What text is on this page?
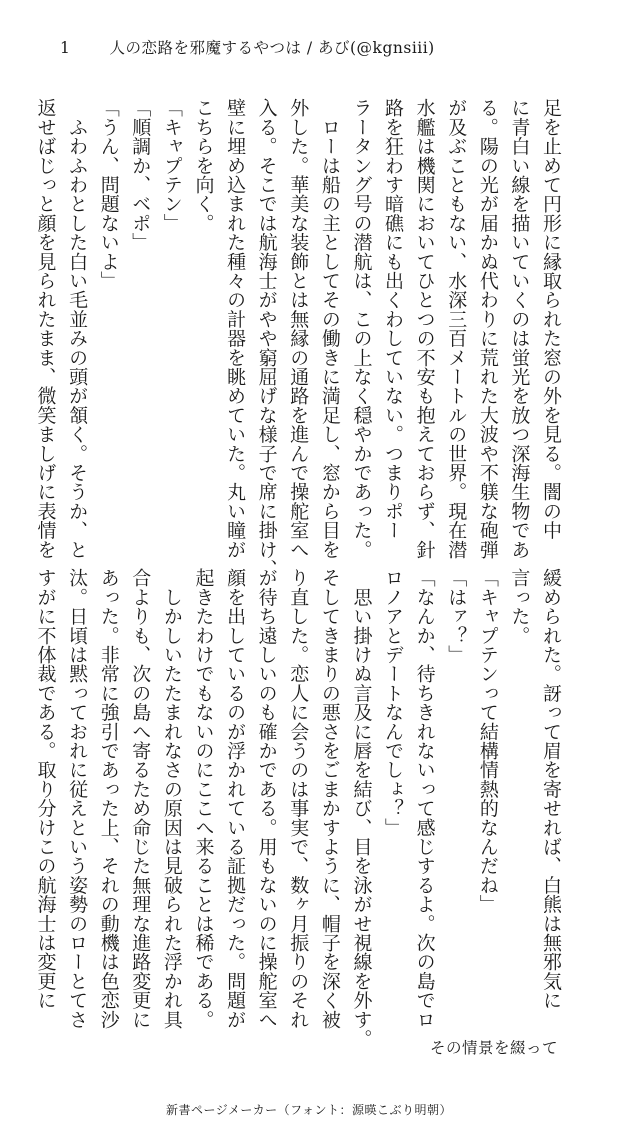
1	人の恋路を邪魔するやつは / あび(@kgnsiii)

足を止めて円形に縁取られた窓の外を見る。闇の中

に青白い線を描いていくのは蛍光を放つ深海生物であ

る。陽の光が届かぬ代わりに荒れた大波や不躾な砲弾

が及ぶこともない、水深三百メートルの世界。現在潜

水艦は機関においてひとつの不安も抱えておらず、針

路を狂わす暗礁にも出くわしていない。つまりポー

ラータング号の潜航は、この上なく穏やかであった。

　ローは船の主としてその働きに満足し、窓から目を

外した。華美な装飾とは無縁の通路を進んで操舵室へ

入る。そこでは航海士がやや窮屈げな様子で席に掛け、

壁に埋め込まれた種々の計器を眺めていた。丸い瞳が

こちらを向く。

「キャプテン」

「順調か、ベポ」

「うん、問題ないよ」

　ふわふわとした白い毛並みの頭が頷く。そうか、と

返せばじっと顔を見られたまま、微笑ましげに表情を

緩められた。訝って眉を寄せれば、白熊は無邪気に

言った。

「キャプテンって結構情熱的なんだね」

「はァ？」

「なんか、待ちきれないって感じするよ。次の島でロ

ロノアとデートなんでしょ？」

　思い掛けぬ言及に唇を結び、目を泳がせ視線を外す。

そしてきまりの悪さをごまかすように、帽子を深く被

り直した。恋人に会うのは事実で、数ヶ月振りのそれ

が待ち遠しいのも確かである。用もないのに操舵室へ

顔を出しているのが浮かれている証拠だった。問題が

起きたわけでもないのにここへ来ることは稀である。

　しかしいたたまれなさの原因は見破られた浮かれ具

合よりも、次の島へ寄るため命じた無理な進路変更に

あった。非常に強引であった上、それの動機は色恋沙

汰。日頃は黙っておれに従えという姿勢のローとてさ

すがに不体裁である。取り分けこの航海士は変更に

その情景を綴って
新書ページメーカー（フォント：源暎こぶり明朝）
